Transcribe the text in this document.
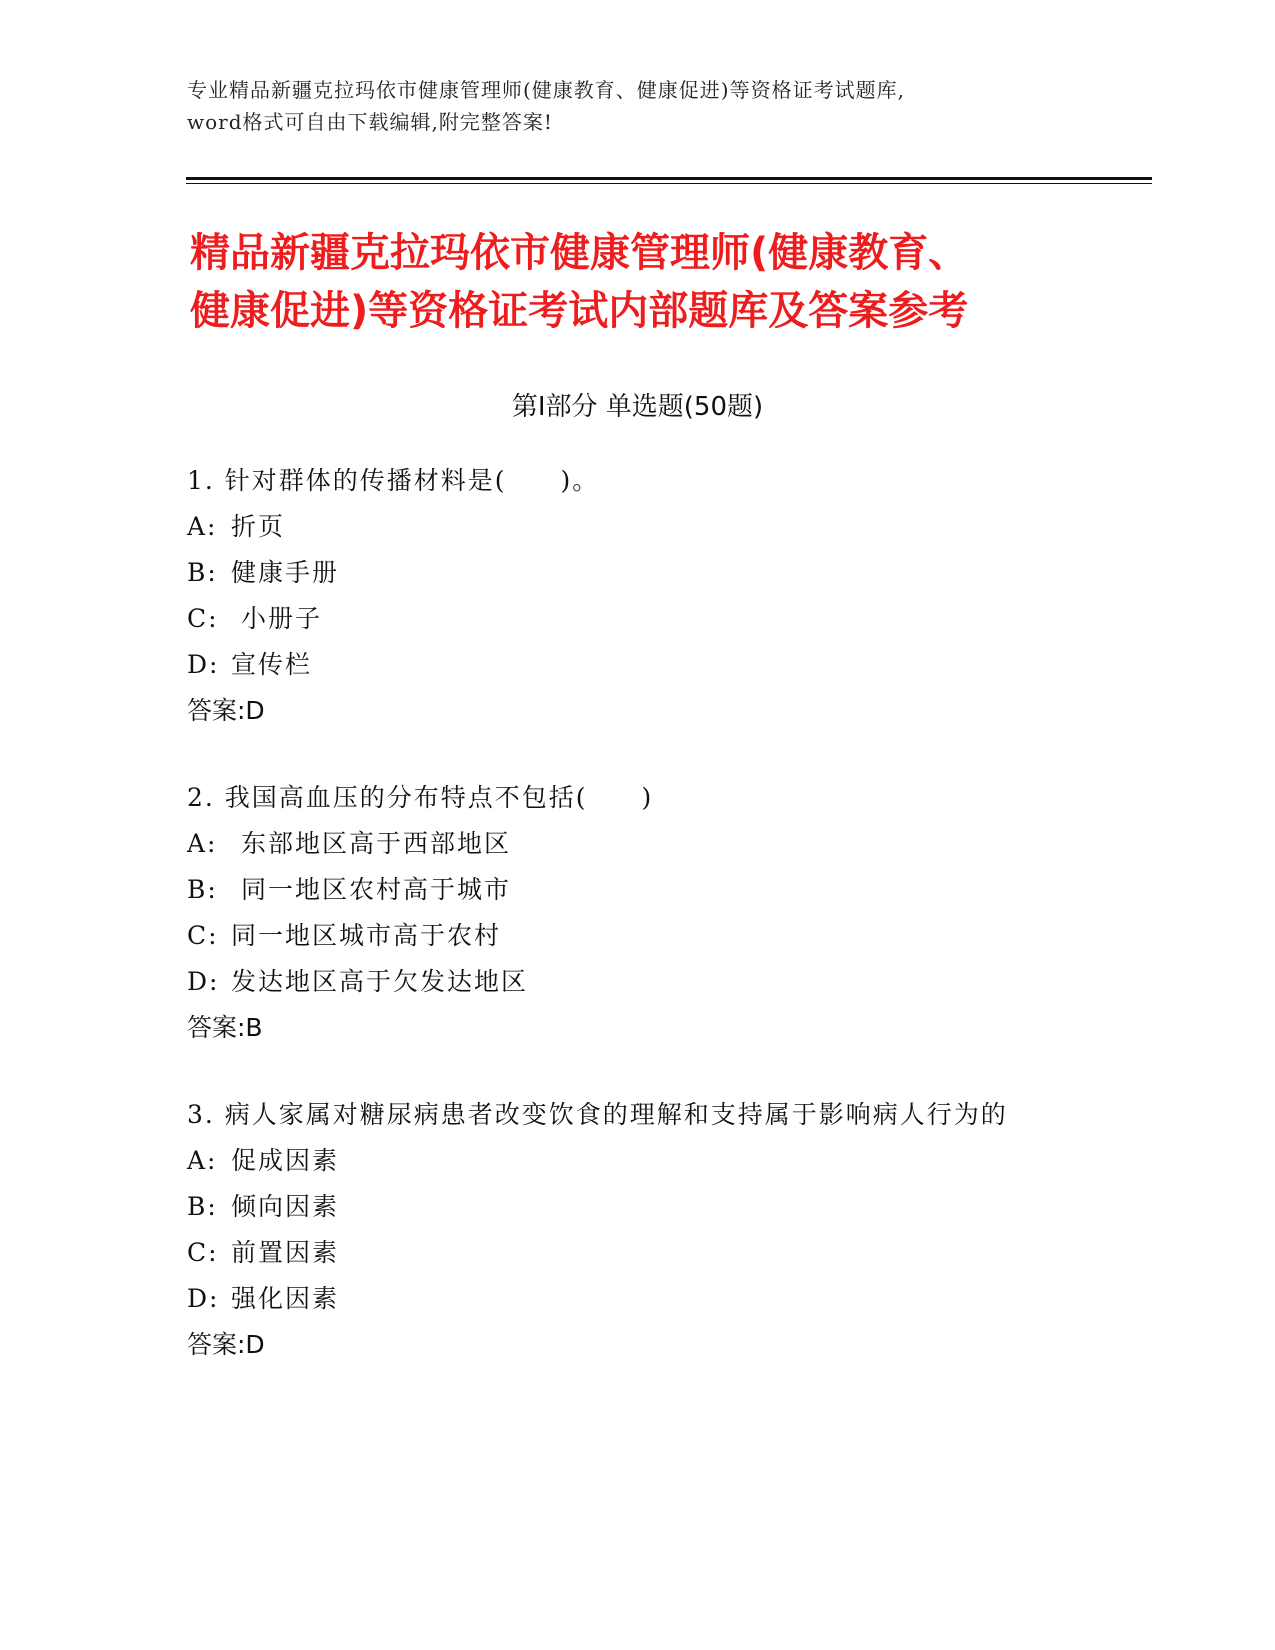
专业精品新疆克拉玛依市健康管理师(健康教育、健康促进)等资格证考试题库,
word格式可自由下载编辑,附完整答案!
精品新疆克拉玛依市健康管理师(健康教育、
健康促进)等资格证考试内部题库及答案参考
第Ⅰ部分 单选题(50题)
1. 针对群体的传播材料是(　　)。
A: 折页
B: 健康手册
C: 小册子
D: 宣传栏
答案:D
2. 我国高血压的分布特点不包括(　　)
A: 东部地区高于西部地区
B: 同一地区农村高于城市
C: 同一地区城市高于农村
D: 发达地区高于欠发达地区
答案:B
3. 病人家属对糖尿病患者改变饮食的理解和支持属于影响病人行为的
A: 促成因素
B: 倾向因素
C: 前置因素
D: 强化因素
答案:D
